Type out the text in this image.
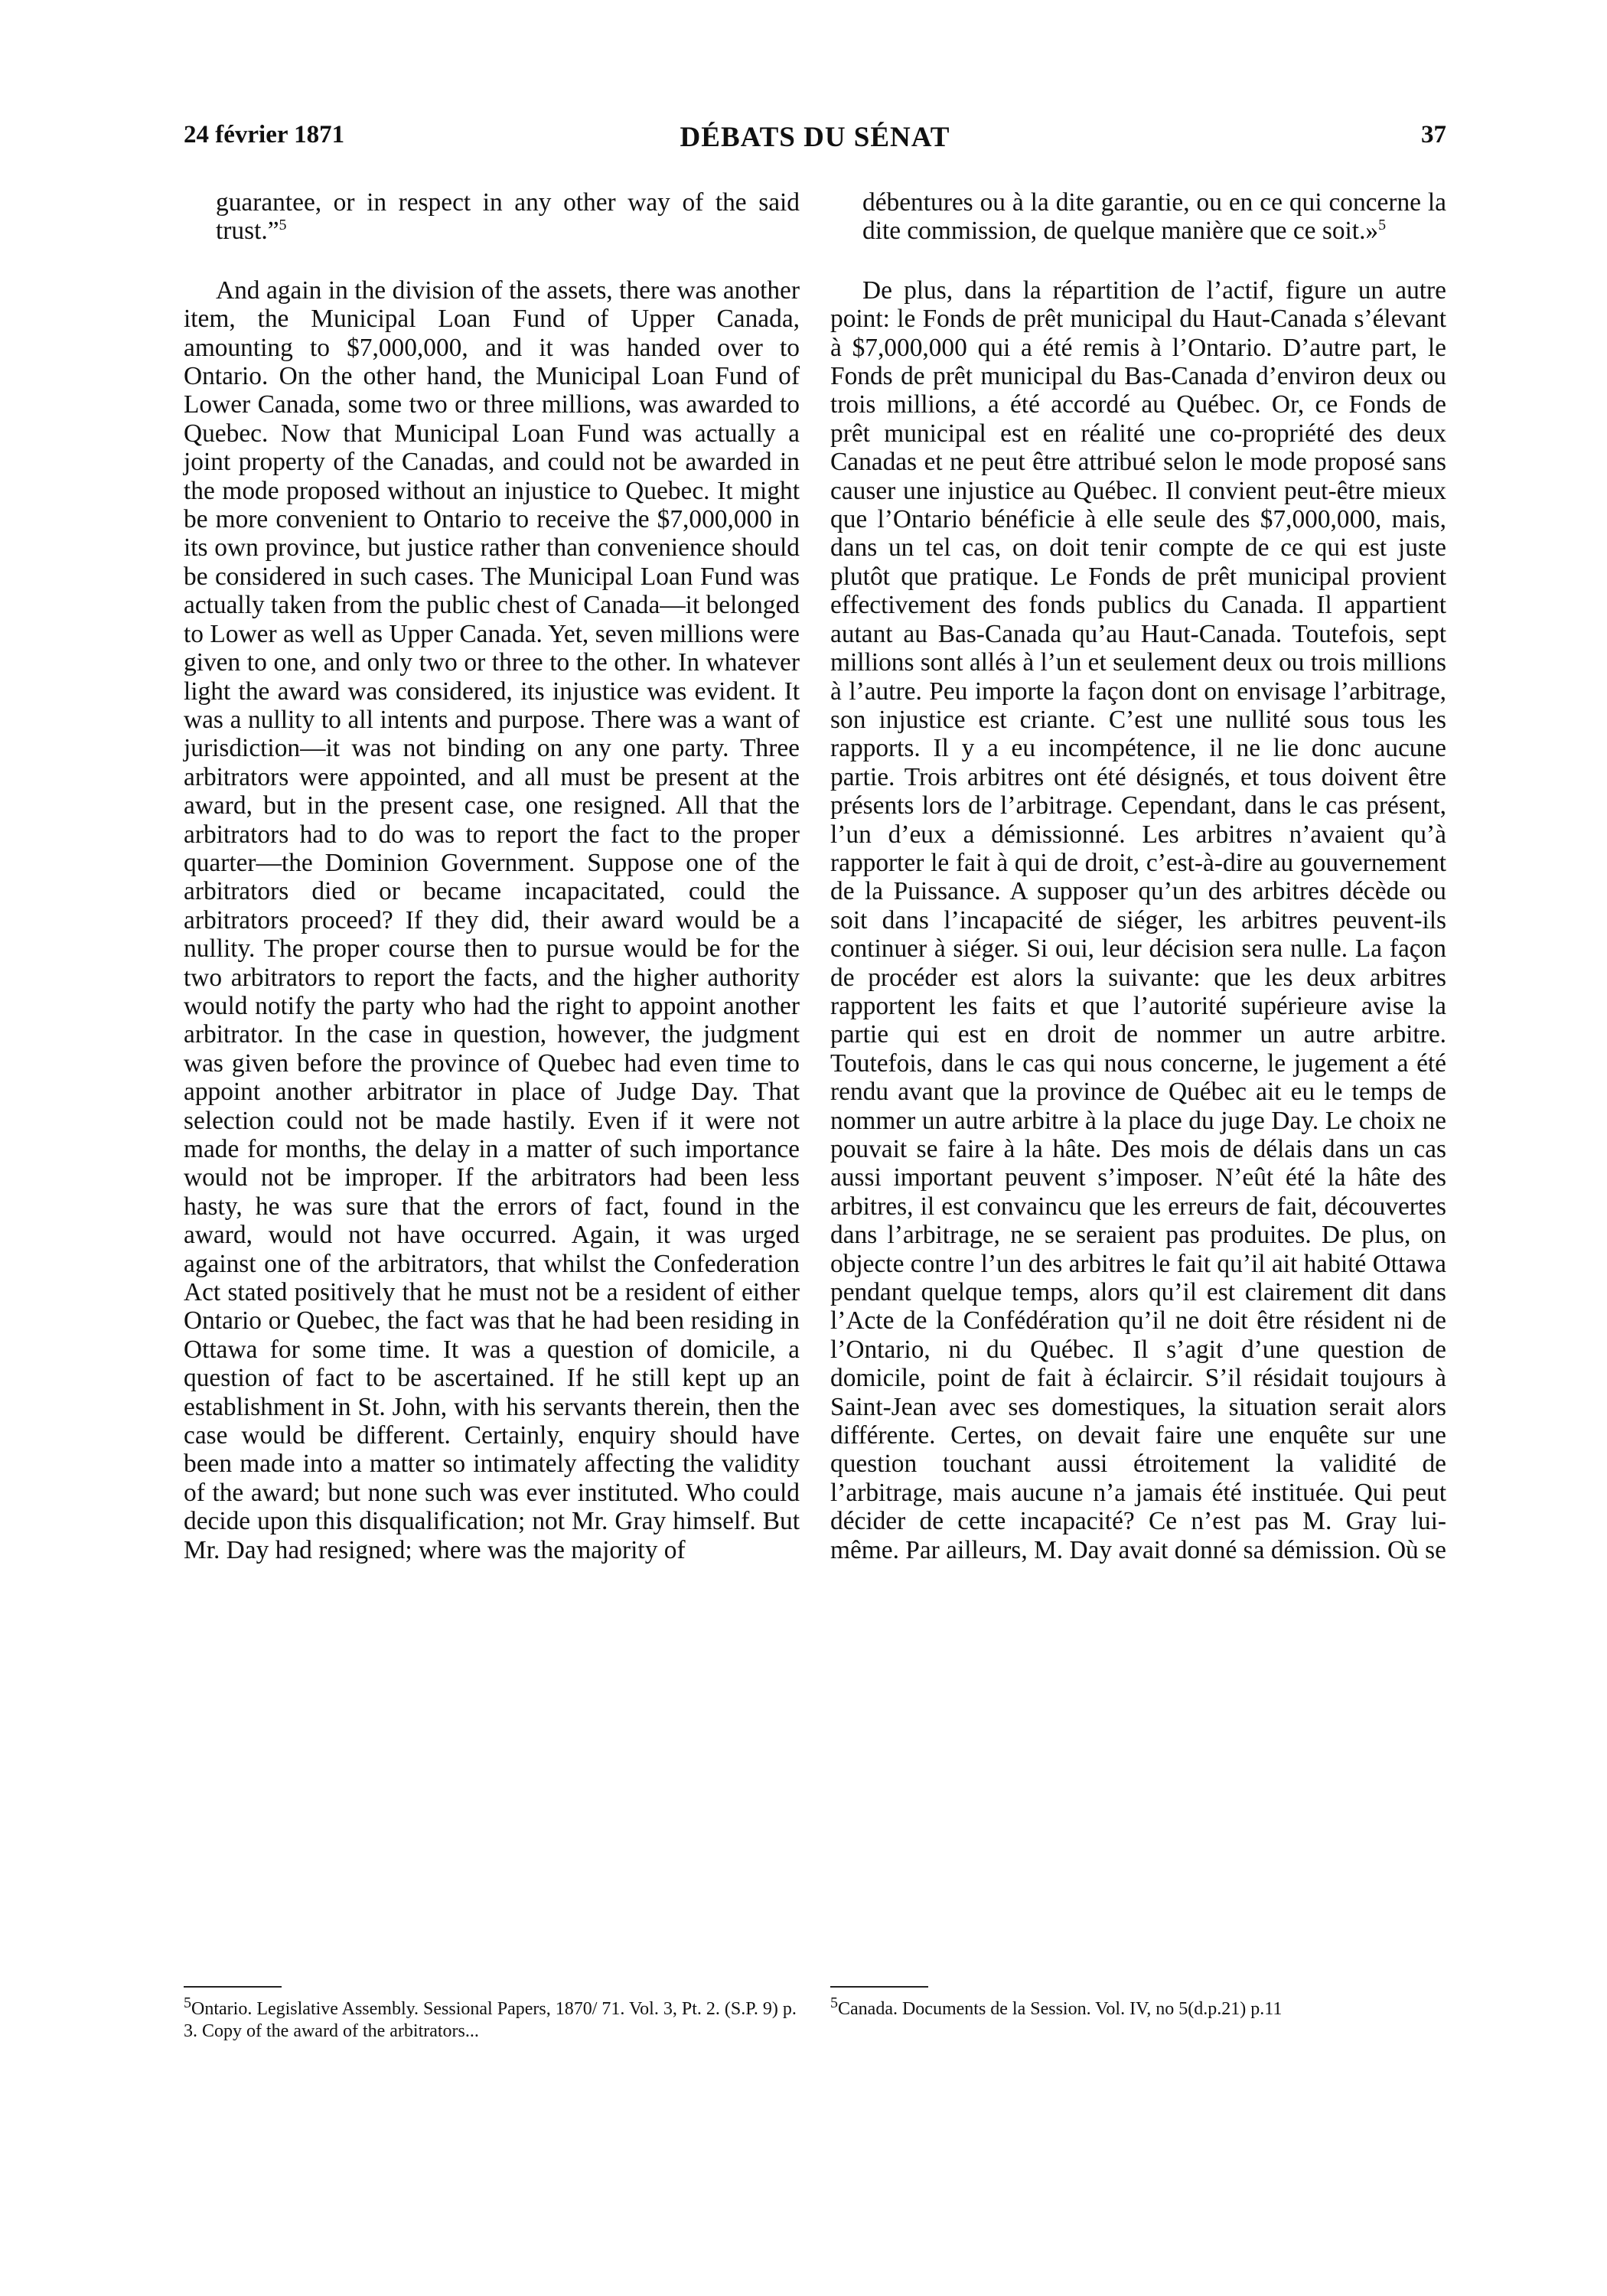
24 février 1871	DÉBATS DU SÉNAT	37

guarantee, or in respect in any other way of the said trust.”$^5$

And again in the division of the assets, there was another item, the Municipal Loan Fund of Upper Canada, amounting to $7,000,000, and it was handed over to Ontario. On the other hand, the Municipal Loan Fund of Lower Canada, some two or three millions, was awarded to Quebec. Now that Municipal Loan Fund was actually a joint property of the Canadas, and could not be awarded in the mode proposed without an injustice to Quebec. It might be more convenient to Ontario to receive the $7,000,000 in its own province, but justice rather than convenience should be considered in such cases. The Municipal Loan Fund was actually taken from the public chest of Canada—it belonged to Lower as well as Upper Canada. Yet, seven millions were given to one, and only two or three to the other. In whatever light the award was considered, its injustice was evident. It was a nullity to all intents and purpose. There was a want of jurisdiction—it was not binding on any one party. Three arbitrators were appointed, and all must be present at the award, but in the present case, one resigned. All that the arbitrators had to do was to report the fact to the proper quarter—the Dominion Government. Suppose one of the arbitrators died or became incapacitated, could the arbitrators proceed? If they did, their award would be a nullity. The proper course then to pursue would be for the two arbitrators to report the facts, and the higher authority would notify the party who had the right to appoint another arbitrator. In the case in question, however, the judgment was given before the province of Quebec had even time to appoint another arbitrator in place of Judge Day. That selection could not be made hastily. Even if it were not made for months, the delay in a matter of such importance would not be improper. If the arbitrators had been less hasty, he was sure that the errors of fact, found in the award, would not have occurred. Again, it was urged against one of the arbitrators, that whilst the Confederation Act stated positively that he must not be a resident of either Ontario or Quebec, the fact was that he had been residing in Ottawa for some time. It was a question of domicile, a question of fact to be ascertained. If he still kept up an establishment in St. John, with his servants therein, then the case would be different. Certainly, enquiry should have been made into a matter so intimately affecting the validity of the award; but none such was ever instituted. Who could decide upon this disqualification; not Mr. Gray himself. But Mr. Day had resigned; where was the majority of

débentures ou à la dite garantie, ou en ce qui concerne la dite commission, de quelque manière que ce soit.»$^5$

De plus, dans la répartition de l’actif, figure un autre point: le Fonds de prêt municipal du Haut-Canada s’élevant à $7,000,000 qui a été remis à l’Ontario. D’autre part, le Fonds de prêt municipal du Bas-Canada d’environ deux ou trois millions, a été accordé au Québec. Or, ce Fonds de prêt municipal est en réalité une co-propriété des deux Canadas et ne peut être attribué selon le mode proposé sans causer une injustice au Québec. Il convient peut-être mieux que l’Ontario bénéficie à elle seule des $7,000,000, mais, dans un tel cas, on doit tenir compte de ce qui est juste plutôt que pratique. Le Fonds de prêt municipal provient effectivement des fonds publics du Canada. Il appartient autant au Bas-Canada qu’au Haut-Canada. Toutefois, sept millions sont allés à l’un et seulement deux ou trois millions à l’autre. Peu importe la façon dont on envisage l’arbitrage, son injustice est criante. C’est une nullité sous tous les rapports. Il y a eu incompétence, il ne lie donc aucune partie. Trois arbitres ont été désignés, et tous doivent être présents lors de l’arbitrage. Cependant, dans le cas présent, l’un d’eux a démissionné. Les arbitres n’avaient qu’à rapporter le fait à qui de droit, c’est-à-dire au gouvernement de la Puissance. A supposer qu’un des arbitres décède ou soit dans l’incapacité de siéger, les arbitres peuvent-ils continuer à siéger. Si oui, leur décision sera nulle. La façon de procéder est alors la suivante: que les deux arbitres rapportent les faits et que l’autorité supérieure avise la partie qui est en droit de nommer un autre arbitre. Toutefois, dans le cas qui nous concerne, le jugement a été rendu avant que la province de Québec ait eu le temps de nommer un autre arbitre à la place du juge Day. Le choix ne pouvait se faire à la hâte. Des mois de délais dans un cas aussi important peuvent s’imposer. N’eût été la hâte des arbitres, il est convaincu que les erreurs de fait, découvertes dans l’arbitrage, ne se seraient pas produites. De plus, on objecte contre l’un des arbitres le fait qu’il ait habité Ottawa pendant quelque temps, alors qu’il est clairement dit dans l’Acte de la Confédération qu’il ne doit être résident ni de l’Ontario, ni du Québec. Il s’agit d’une question de domicile, point de fait à éclaircir. S’il résidait toujours à Saint-Jean avec ses domestiques, la situation serait alors différente. Certes, on devait faire une enquête sur une question touchant aussi étroitement la validité de l’arbitrage, mais aucune n’a jamais été instituée. Qui peut décider de cette incapacité? Ce n’est pas M. Gray lui-même. Par ailleurs, M. Day avait donné sa démission. Où se

$^5$Ontario. Legislative Assembly. Sessional Papers, 1870/ 71. Vol. 3, Pt. 2. (S.P. 9) p. 3. Copy of the award of the arbitrators...

$^5$Canada. Documents de la Session. Vol. IV, no 5(d.p.21) p.11
